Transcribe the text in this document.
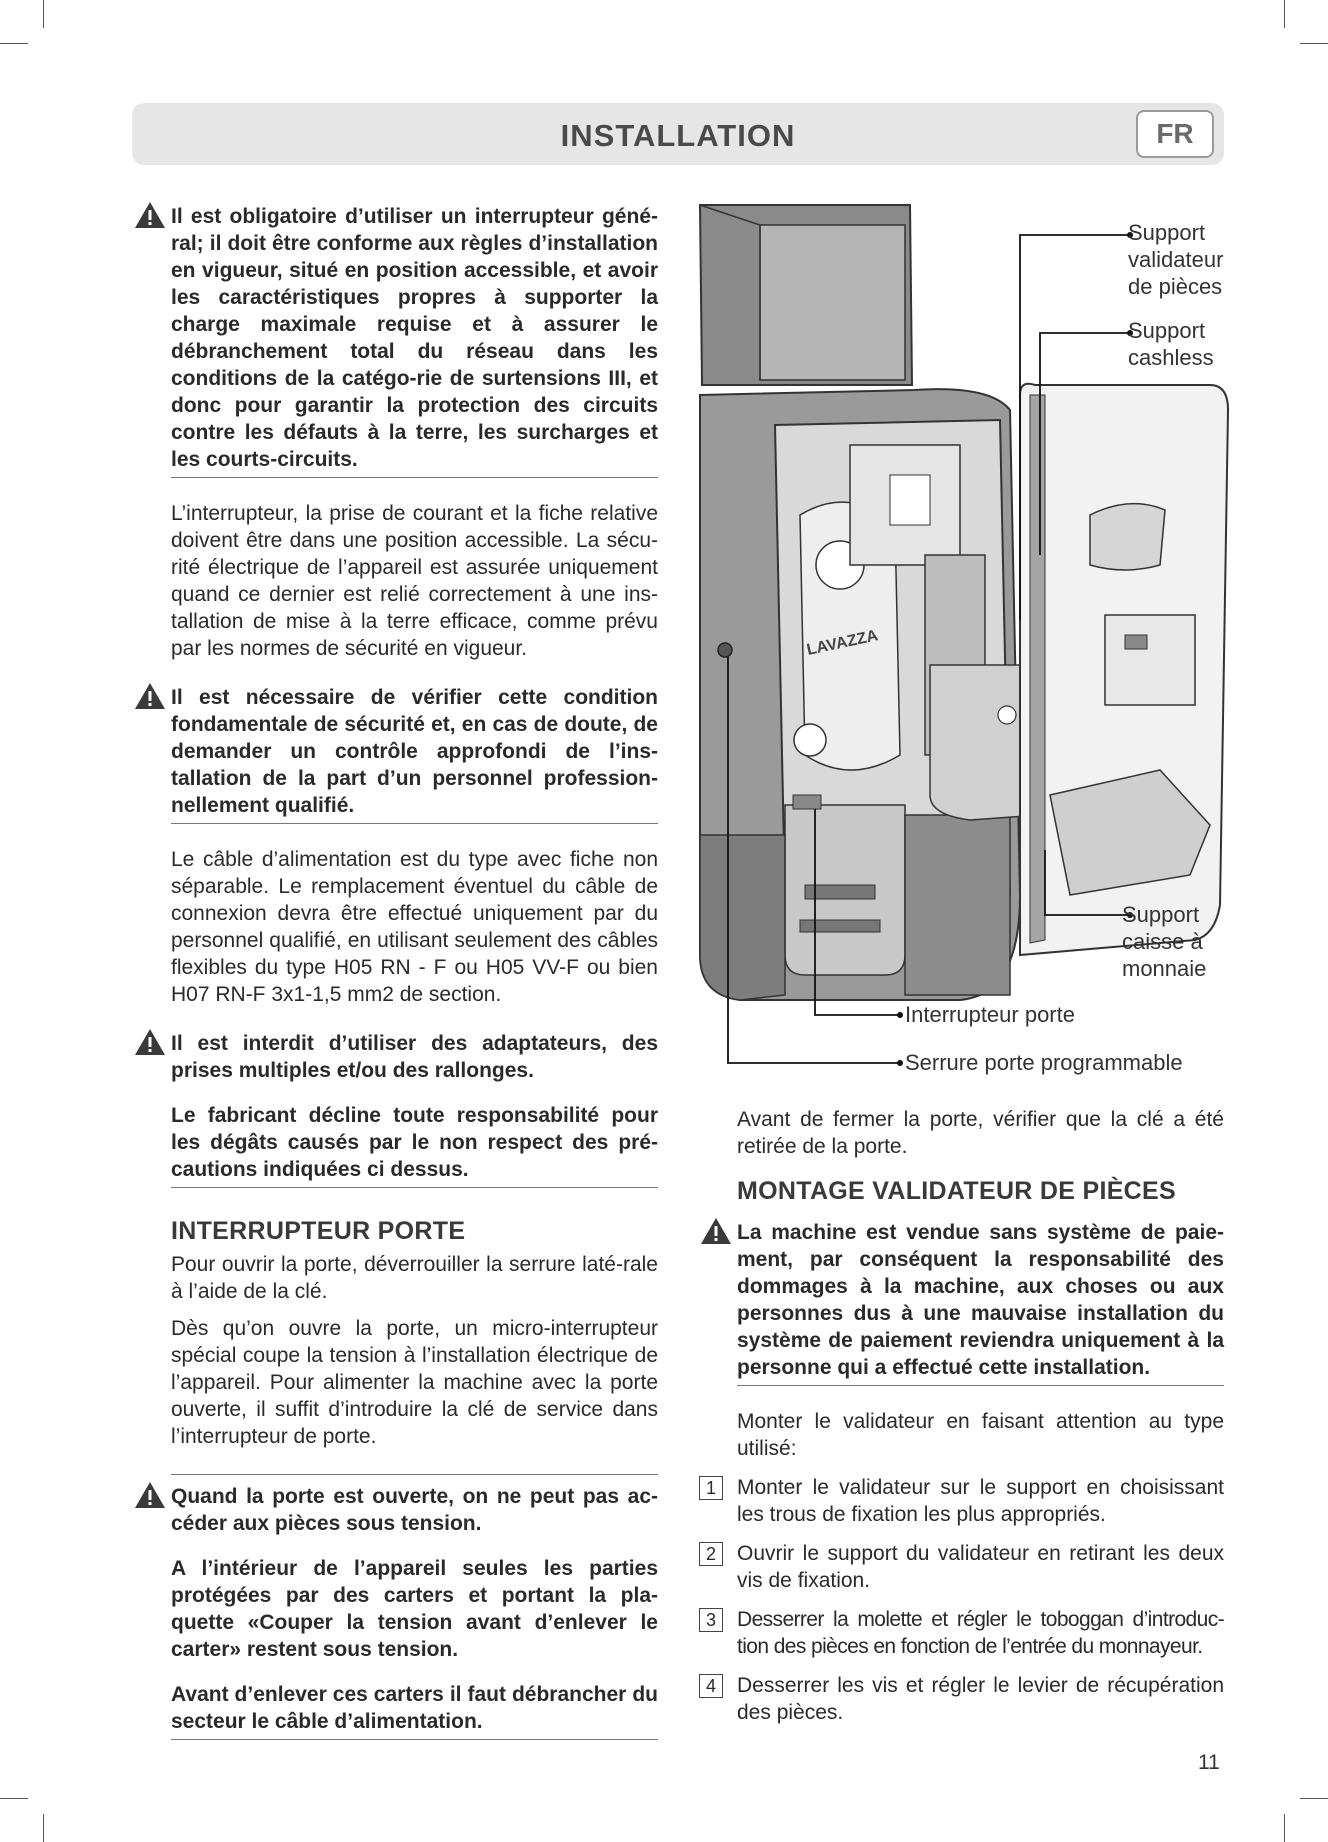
INSTALLATION	FR
Il est obligatoire d’utiliser un interrupteur géné-ral; il doit être conforme aux règles d’installation en vigueur, situé en position accessible, et avoir les caractéristiques propres à supporter la charge maximale requise et à assurer le débranchement total du réseau dans les conditions de la catégo-rie de surtensions III, et donc pour garantir la protection des circuits contre les défauts à la terre, les surcharges et les courts-circuits.

L’interrupteur, la prise de courant et la fiche relative doivent être dans une position accessible. La sécu-rité électrique de l’appareil est assurée uniquement quand ce dernier est relié correctement à une ins-tallation de mise à la terre efficace, comme prévu par les normes de sécurité en vigueur.

Il est nécessaire de vérifier cette condition fondamentale de sécurité et, en cas de doute, de demander un contrôle approfondi de l’ins-tallation de la part d’un personnel profession-nellement qualifié.

Le câble d’alimentation est du type avec fiche non séparable. Le remplacement éventuel du câble de connexion devra être effectué uniquement par du personnel qualifié, en utilisant seulement des câbles flexibles du type H05 RN - F ou H05 VV-F ou bien H07 RN-F 3x1-1,5 mm2 de section.

Il est interdit d’utiliser des adaptateurs, des prises multiples et/ou des rallonges.
Le fabricant décline toute responsabilité pour les dégâts causés par le non respect des pré-cautions indiquées ci dessus.
INTERRUPTEUR PORTE

Pour ouvrir la porte, déverrouiller la serrure laté-rale à l’aide de la clé.

Dès qu’on ouvre la porte, un micro-interrupteur spécial coupe la tension à l’installation électrique de l’appareil. Pour alimenter la machine avec la porte ouverte, il suffit d’introduire la clé de service dans l’interrupteur de porte.

Quand la porte est ouverte, on ne peut pas ac-céder aux pièces sous tension.
A l’intérieur de l’appareil seules les parties protégées par des carters et portant la pla-quette «Couper la tension avant d’enlever le carter» restent sous tension.
Avant d’enlever ces carters il faut débrancher du secteur le câble d’alimentation.
LAVAZZA
Support validateur de pièces
Support cashless
Support caisse à monnaie
Interrupteur porte
Serrure porte programmable

Avant de fermer la porte, vérifier que la clé a été retirée de la porte.

MONTAGE VALIDATEUR DE PIÈCES
La machine est vendue sans système de paie-ment, par conséquent la responsabilité des dommages à la machine, aux choses ou aux personnes dus à une mauvaise installation du système de paiement reviendra uniquement à la personne qui a effectué cette installation.

Monter le validateur en faisant attention au type utilisé:

1	Monter le validateur sur le support en choisissant les trous de fixation les plus appropriés.
2	Ouvrir le support du validateur en retirant les deux vis de fixation.
3	Desserrer la molette et régler le toboggan d’introduc-tion des pièces en fonction de l’entrée du monnayeur.
4	Desserrer les vis et régler le levier de récupération des pièces.
11
